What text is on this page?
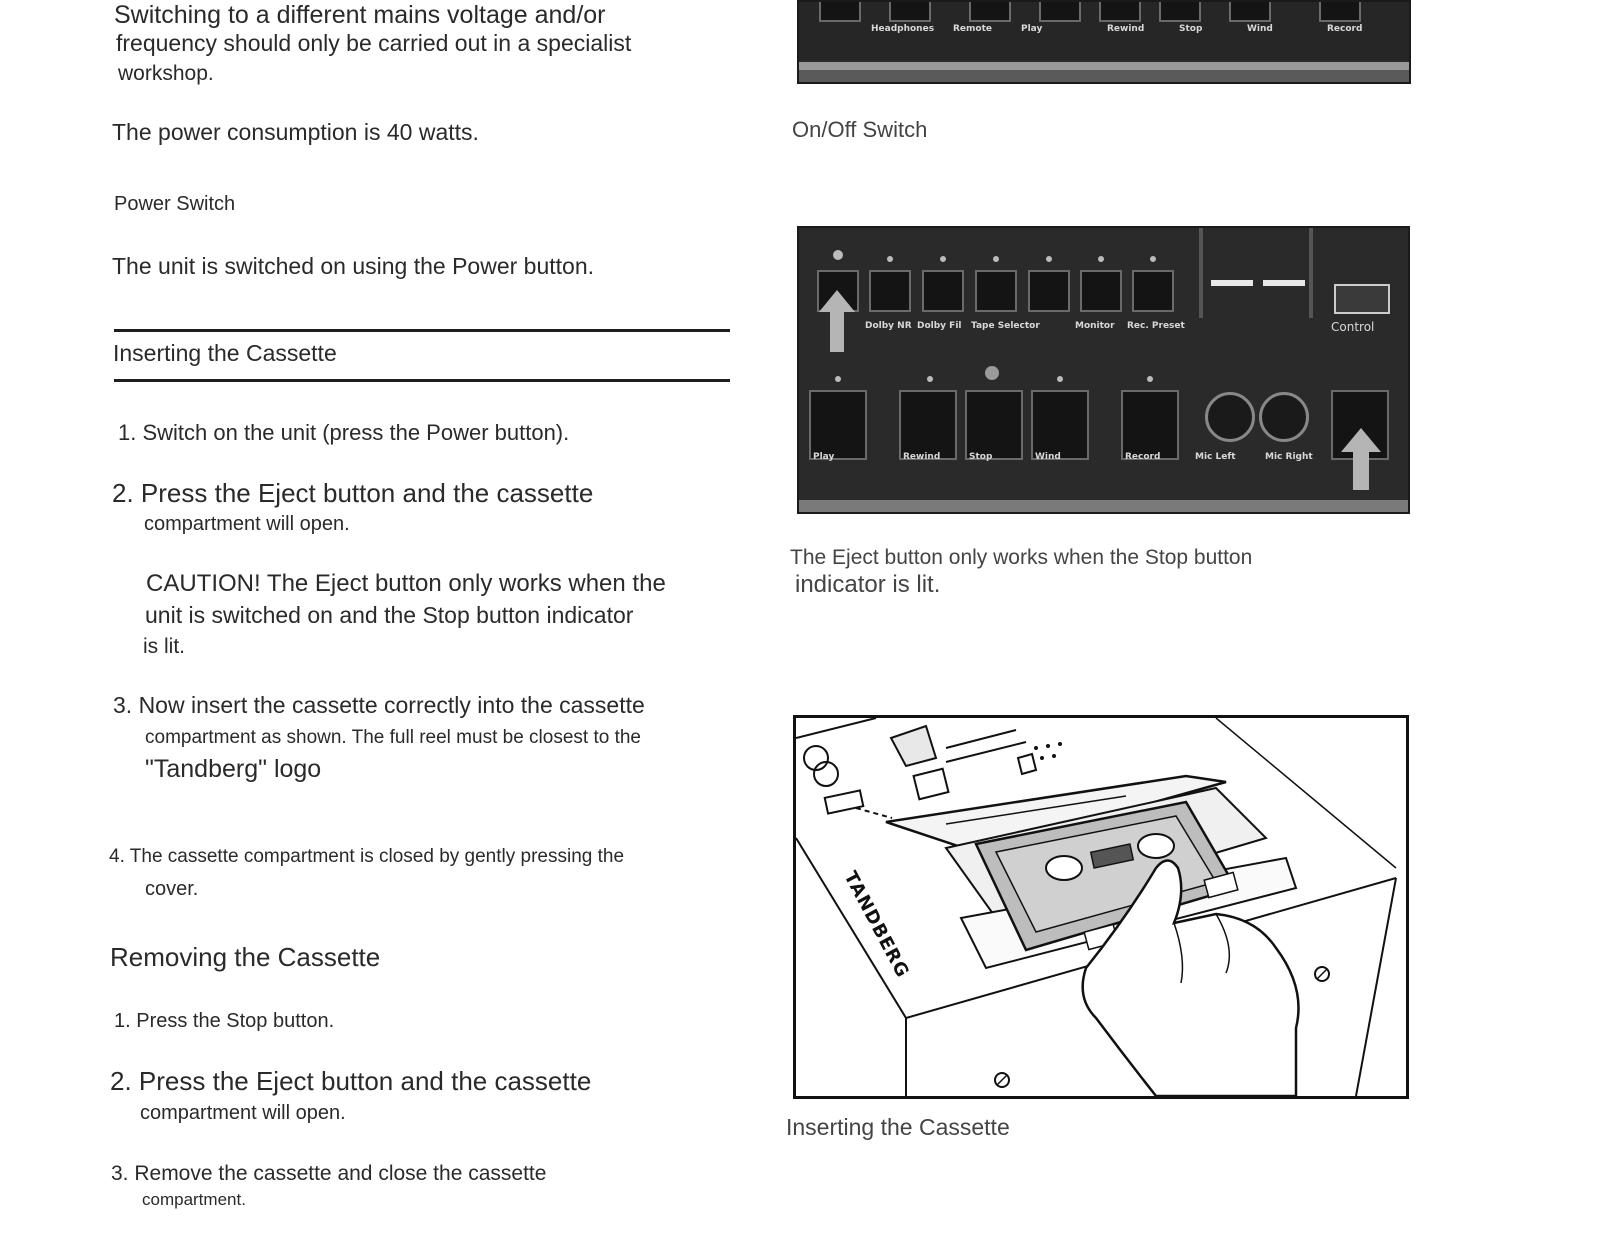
Switching to a different mains voltage and/or

frequency should only be carried out in a specialist

workshop.

The power consumption is 40 watts.

Power Switch

The unit is switched on using the Power button.

Inserting the Cassette

1. Switch on the unit (press the Power button).

2. Press the Eject button and the cassette

compartment will open.

CAUTION! The Eject button only works when the

unit is switched on and the Stop button indicator

is lit.

3. Now insert the cassette correctly into the cassette

compartment as shown. The full reel must be closest to the

"Tandberg" logo

4. The cassette compartment is closed by gently pressing the

cover.

Removing the Cassette

1. Press the Stop button.

2. Press the Eject button and the cassette

compartment will open.

3. Remove the cassette and close the cassette

compartment.

Headphones Remote	Play	Rewind	Stop	Wind	Record

On/Off Switch

Dolby NR Dolby Fil Tape Selector	Monitor Rec. Preset	Control
Play	Rewind	Stop	Wind	Record	Mic Left	Mic Right

The Eject button only works when the Stop button

indicator is lit.

TANDBERG

Inserting the Cassette
